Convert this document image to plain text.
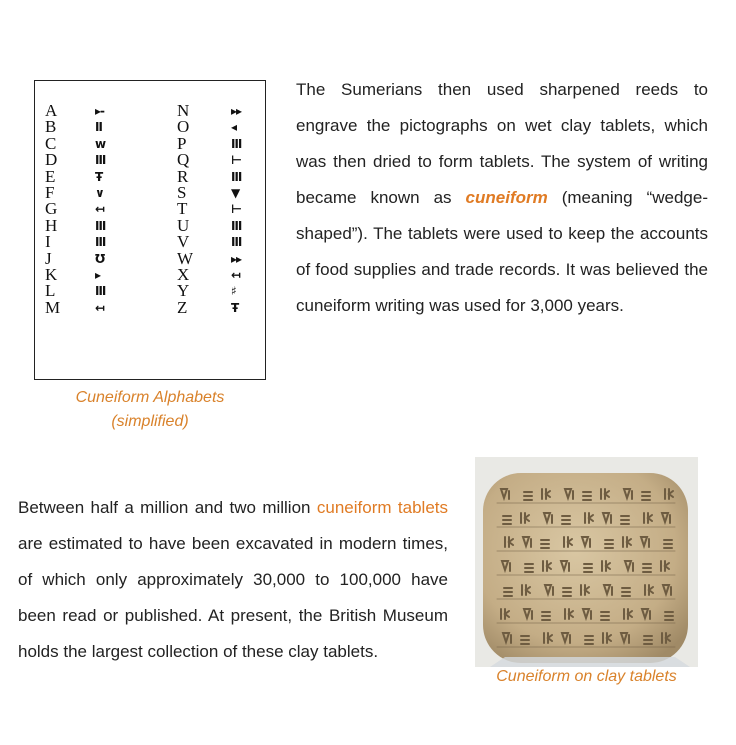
A
B
C
D
E
F
G
H
I
J
K
L
M
▸‐
Ⅱ
ᴡ
Ⅲ
Ŧ
∨
↤
Ⅲ
Ⅲ
Ʊ
▸
Ⅲ
↤
N
O
P
Q
R
S
T
U
V
W
X
Y
Z
▸▸
◂
Ⅲ
⊢
Ⅲ
▼
⊢
Ⅲ
Ⅲ
▸▸
↤
♯
Ŧ
Cuneiform Alphabets
(simplified)
The Sumerians then used sharpened reeds to engrave the pictographs on wet clay tablets, which was then dried to form tablets. The system of writing became known as cuneiform (meaning “wedge-shaped”). The tablets were used to keep the accounts of food supplies and trade records. It was believed the cuneiform writing was used for 3,000 years.
Between half a million and two million cuneiform tablets are estimated to have been excavated in modern times, of which only approximately 30,000 to 100,000 have been read or published. At present, the British Museum holds the largest collection of these clay tablets.
Cuneiform on clay tablets
